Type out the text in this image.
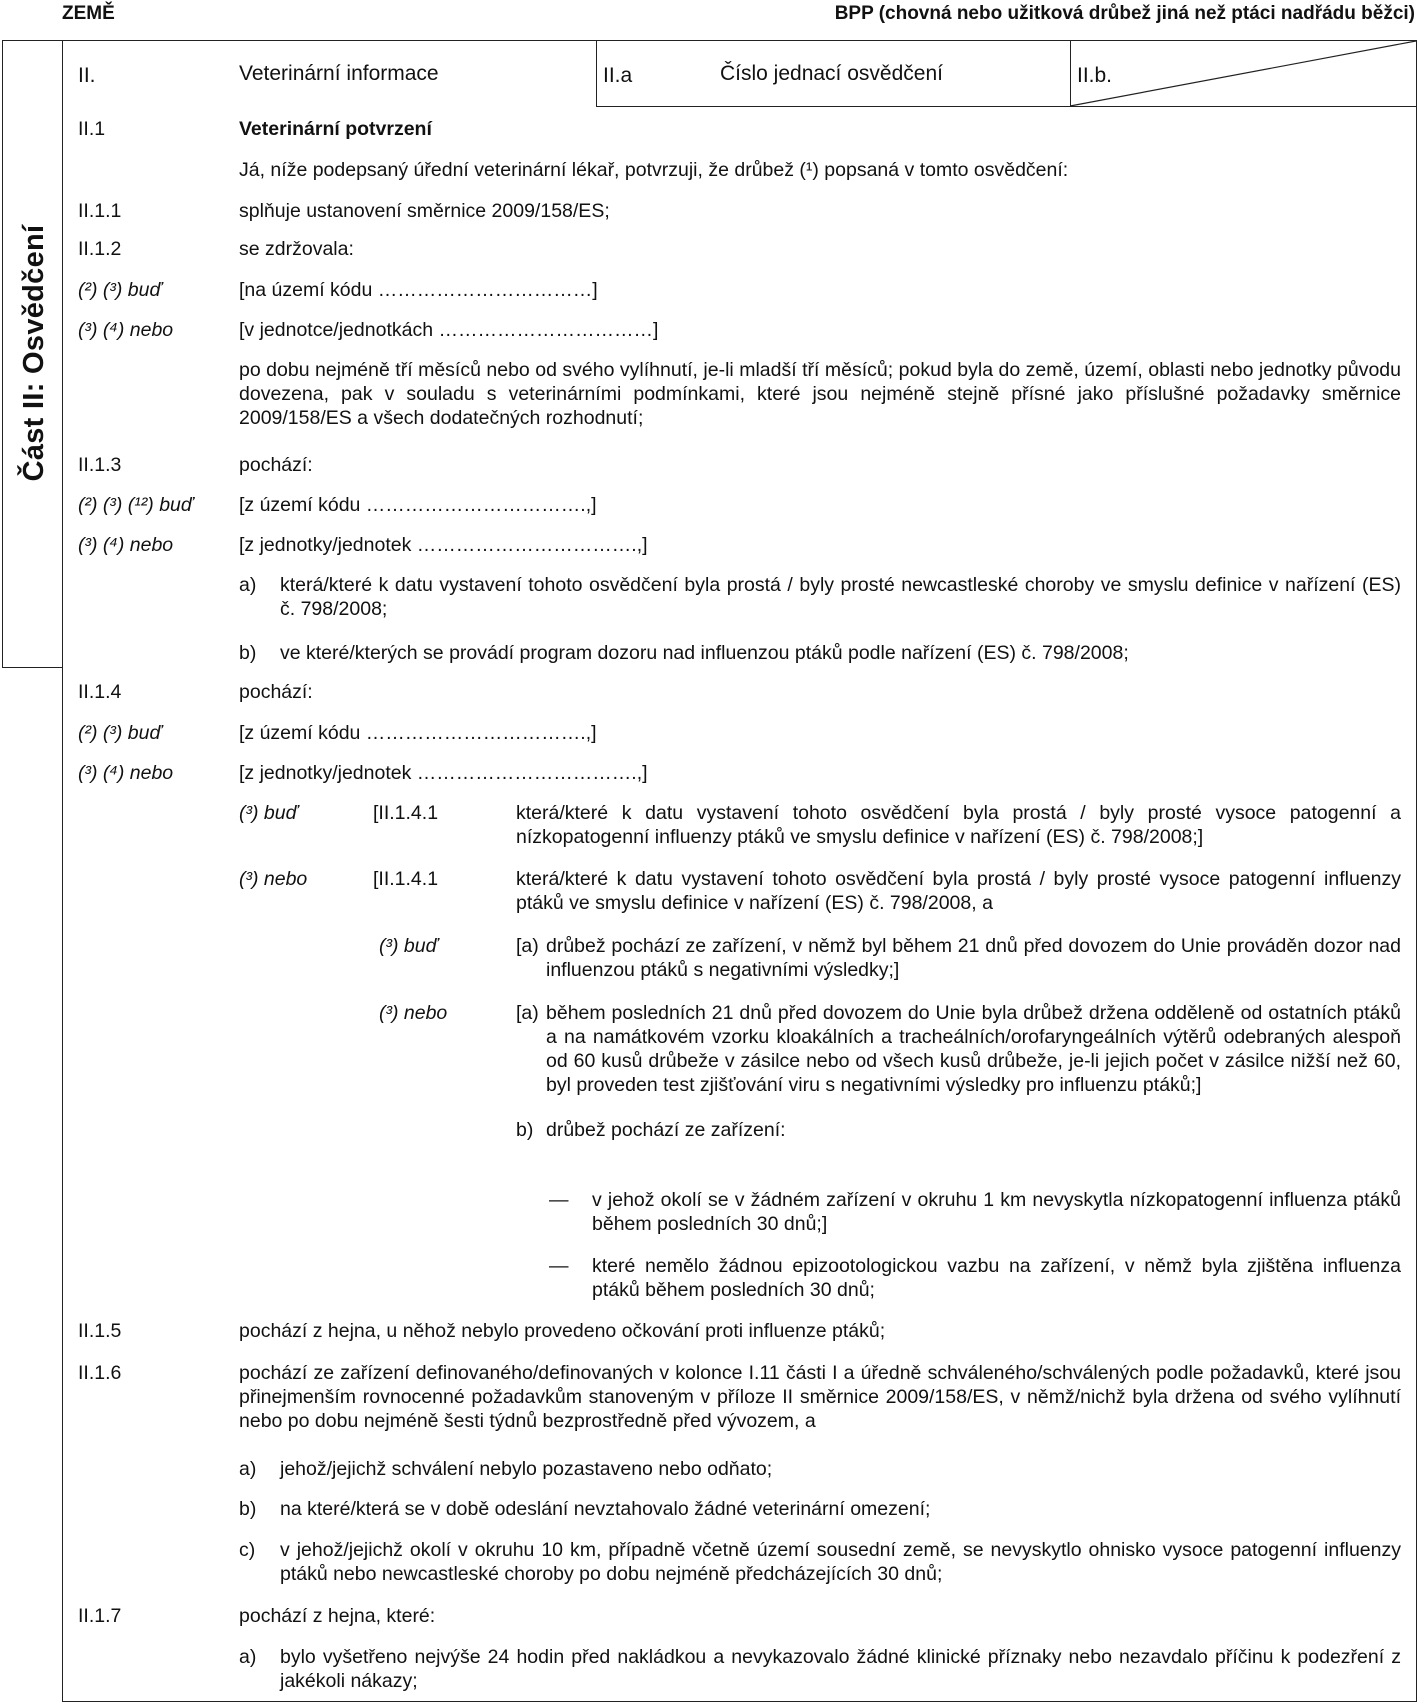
ZEMĚ	BPP (chovná nebo užitková drůbež jiná než ptáci nadřádu běžci)
Část II: Osvědčení
II.	Veterinární informace	II.a	Číslo jednací osvědčení	II.b.
II.1	Veterinární potvrzení
Já, níže podepsaný úřední veterinární lékař, potvrzuji, že drůbež (¹) popsaná v tomto osvědčení:
II.1.1	splňuje ustanovení směrnice 2009/158/ES;
II.1.2	se zdržovala:
(²) (³) buď	[na území kódu ……………………………]
(³) (⁴) nebo	[v jednotce/jednotkách ……………………………]
po dobu nejméně tří měsíců nebo od svého vylíhnutí, je-li mladší tří měsíců; pokud byla do země, území, oblasti nebo jednotky původu dovezena, pak v souladu s veterinárními podmínkami, které jsou nejméně stejně přísné jako příslušné požadavky směrnice 2009/158/ES a všech dodatečných rozhodnutí;
II.1.3	pochází:
(²) (³) (¹²) buď [z území kódu …………………………….,]
(³) (⁴) nebo	[z jednotky/jednotek …………………………….,]
a) která/které k datu vystavení tohoto osvědčení byla prostá / byly prosté newcastleské choroby ve smyslu definice v nařízení (ES) č. 798/2008;
b) ve které/kterých se provádí program dozoru nad influenzou ptáků podle nařízení (ES) č. 798/2008;
II.1.4	pochází:
(²) (³) buď	[z území kódu …………………………….,]
(³) (⁴) nebo	[z jednotky/jednotek …………………………….,]
(³) buď	[II.1.4.1	která/které k datu vystavení tohoto osvědčení byla prostá / byly prosté vysoce patogenní a nízkopatogenní influenzy ptáků ve smyslu definice v nařízení (ES) č. 798/2008;]
(³) nebo	[II.1.4.1	která/které k datu vystavení tohoto osvědčení byla prostá / byly prosté vysoce patogenní influenzy ptáků ve smyslu definice v nařízení (ES) č. 798/2008, a
(³) buď	[a) drůbež pochází ze zařízení, v němž byl během 21 dnů před dovozem do Unie prováděn dozor nad influenzou ptáků s negativními výsledky;]
(³) nebo	[a) během posledních 21 dnů před dovozem do Unie byla drůbež držena odděleně od ostatních ptáků a na namátkovém vzorku kloakálních a tracheálních/orofaryngeálních výtěrů odebraných alespoň od 60 kusů drůbeže v zásilce nebo od všech kusů drůbeže, je-li jejich počet v zásilce nižší než 60, byl proveden test zjišťování viru s negativními výsledky pro influenzu ptáků;]
b) drůbež pochází ze zařízení:
— v jehož okolí se v žádném zařízení v okruhu 1 km nevyskytla nízkopatogenní influenza ptáků během posledních 30 dnů;]
— které nemělo žádnou epizootologickou vazbu na zařízení, v němž byla zjištěna influenza ptáků během posledních 30 dnů;
II.1.5	pochází z hejna, u něhož nebylo provedeno očkování proti influenze ptáků;
II.1.6	pochází ze zařízení definovaného/definovaných v kolonce I.11 části I a úředně schváleného/schválených podle požadavků, které jsou přinejmenším rovnocenné požadavkům stanoveným v příloze II směrnice 2009/158/ES, v němž/nichž byla držena od svého vylíhnutí nebo po dobu nejméně šesti týdnů bezprostředně před vývozem, a
a) jehož/jejichž schválení nebylo pozastaveno nebo odňato;
b) na které/která se v době odeslání nevztahovalo žádné veterinární omezení;
c) v jehož/jejichž okolí v okruhu 10 km, případně včetně území sousední země, se nevyskytlo ohnisko vysoce patogenní influenzy ptáků nebo newcastleské choroby po dobu nejméně předcházejících 30 dnů;
II.1.7	pochází z hejna, které:
a) bylo vyšetřeno nejvýše 24 hodin před nakládkou a nevykazovalo žádné klinické příznaky nebo nezavdalo příčinu k podezření z jakékoli nákazy;
